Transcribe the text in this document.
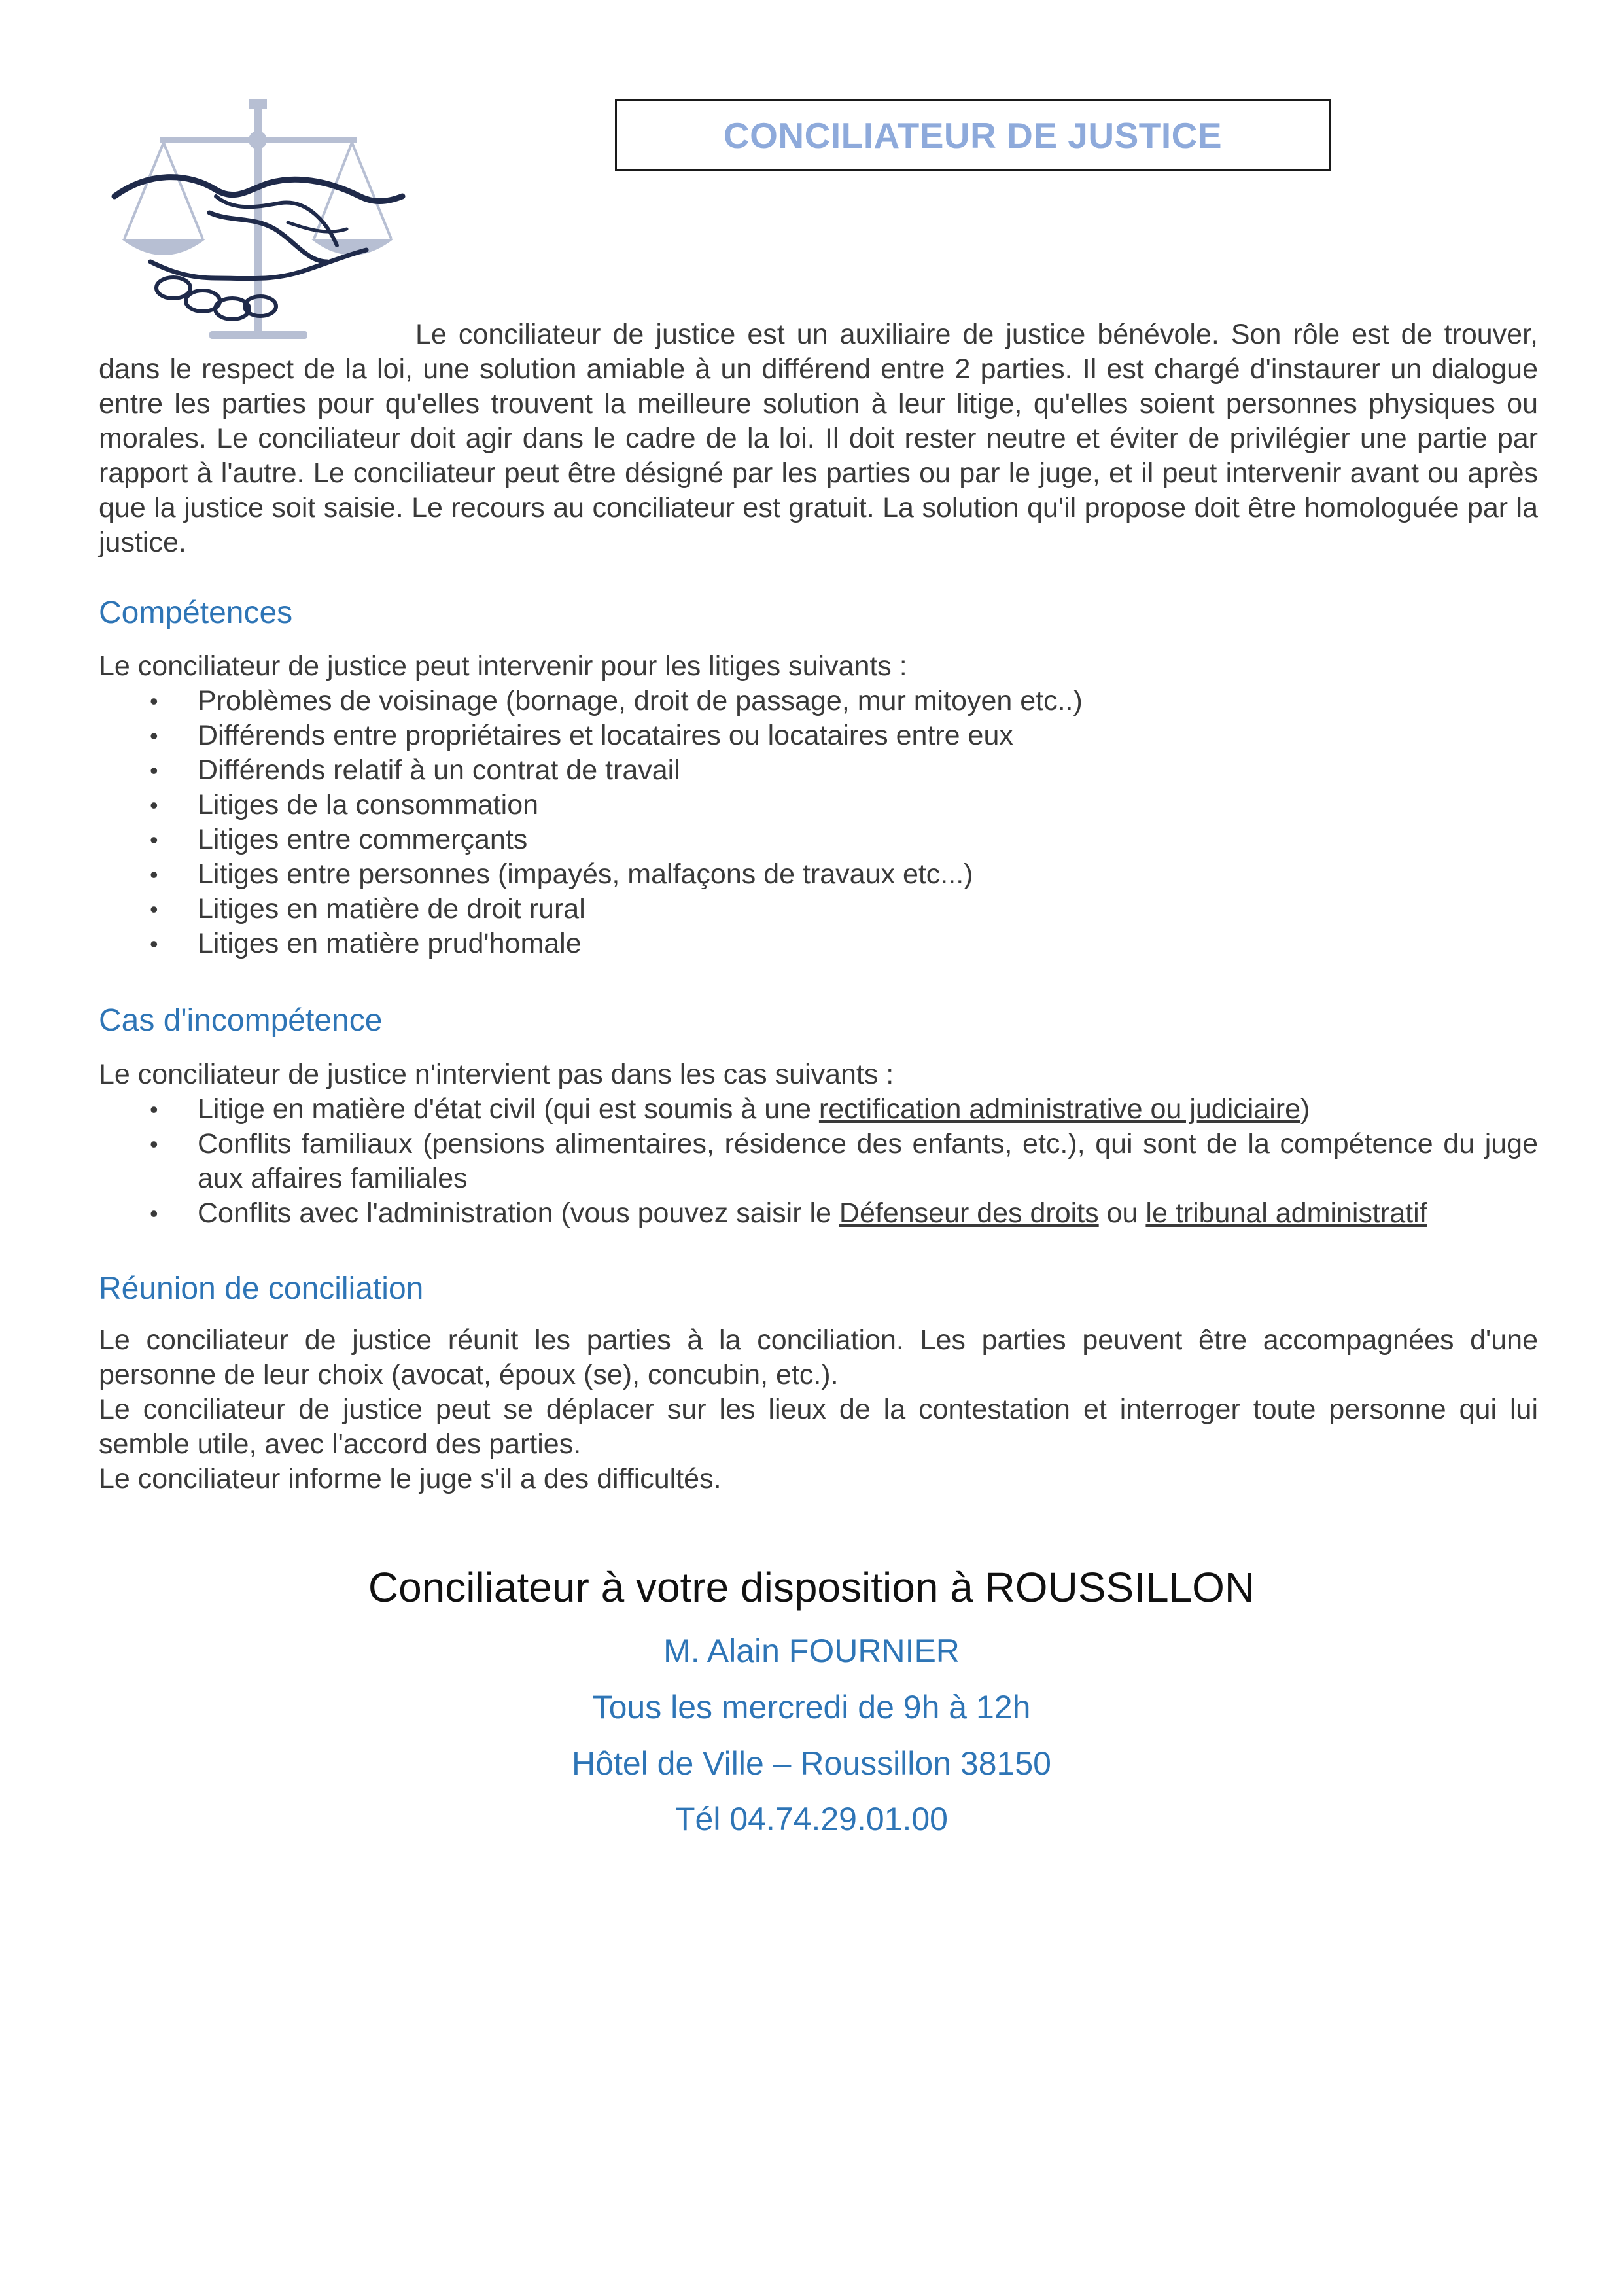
CONCILIATEUR DE JUSTICE
Le conciliateur de justice est un auxiliaire de justice bénévole. Son rôle est de trouver, dans le respect de la loi, une solution amiable à un différend entre 2 parties. Il est chargé d'instaurer un dialogue entre les parties pour qu'elles trouvent la meilleure solution à leur litige, qu'elles soient personnes physiques ou morales. Le conciliateur doit agir dans le cadre de la loi. Il doit rester neutre et éviter de privilégier une partie par rapport à l'autre. Le conciliateur peut être désigné par les parties ou par le juge, et il peut intervenir avant ou après que la justice soit saisie. Le recours au conciliateur est gratuit. La solution qu'il propose doit être homologuée par la justice.
Compétences

Le conciliateur de justice peut intervenir pour les litiges suivants :

• Problèmes de voisinage (bornage, droit de passage, mur mitoyen etc..)
• Différends entre propriétaires et locataires ou locataires entre eux
• Différends relatif à un contrat de travail
• Litiges de la consommation
• Litiges entre commerçants
• Litiges entre personnes (impayés, malfaçons de travaux etc...)
• Litiges en matière de droit rural
• Litiges en matière prud'homale
Cas d'incompétence

Le conciliateur de justice n'intervient pas dans les cas suivants :

• Litige en matière d'état civil (qui est soumis à une rectification administrative ou judiciaire)
• Conflits familiaux (pensions alimentaires, résidence des enfants, etc.), qui sont de la compétence du juge aux affaires familiales
• Conflits avec l'administration (vous pouvez saisir le Défenseur des droits ou le tribunal administratif
Réunion de conciliation
Le conciliateur de justice réunit les parties à la conciliation. Les parties peuvent être accompagnées d'une personne de leur choix (avocat, époux (se), concubin, etc.).
Le conciliateur de justice peut se déplacer sur les lieux de la contestation et interroger toute personne qui lui semble utile, avec l'accord des parties.
Le conciliateur informe le juge s'il a des difficultés.
Conciliateur à votre disposition à ROUSSILLON
M. Alain FOURNIER
Tous les mercredi de 9h à 12h
Hôtel de Ville – Roussillon 38150
Tél 04.74.29.01.00
